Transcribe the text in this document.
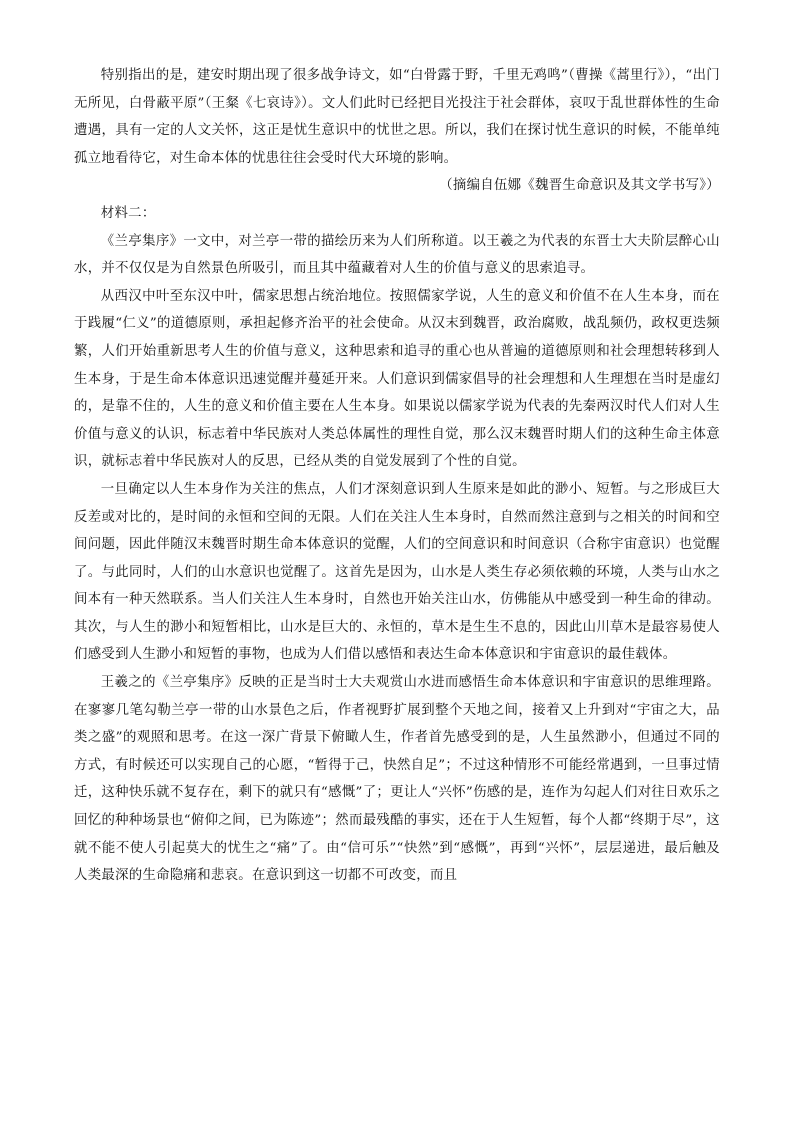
特别指出的是，建安时期出现了很多战争诗文，如“白骨露于野，千里无鸡鸣”（曹操《蒿里行》），“出门无所见，白骨蔽平原”（王粲《七哀诗》）。文人们此时已经把目光投注于社会群体，哀叹于乱世群体性的生命遭遇，具有一定的人文关怀，这正是忧生意识中的忧世之思。所以，我们在探讨忧生意识的时候，不能单纯孤立地看待它，对生命本体的忧患往往会受时代大环境的影响。

（摘编自伍娜《魏晋生命意识及其文学书写》）

材料二：

《兰亭集序》一文中，对兰亭一带的描绘历来为人们所称道。以王羲之为代表的东晋士大夫阶层醉心山水，并不仅仅是为自然景色所吸引，而且其中蕴藏着对人生的价值与意义的思索追寻。

从西汉中叶至东汉中叶，儒家思想占统治地位。按照儒家学说，人生的意义和价值不在人生本身，而在于践履“仁义”的道德原则，承担起修齐治平的社会使命。从汉末到魏晋，政治腐败，战乱频仍，政权更迭频繁，人们开始重新思考人生的价值与意义，这种思索和追寻的重心也从普遍的道德原则和社会理想转移到人生本身，于是生命本体意识迅速觉醒并蔓延开来。人们意识到儒家倡导的社会理想和人生理想在当时是虚幻的，是靠不住的，人生的意义和价值主要在人生本身。如果说以儒家学说为代表的先秦两汉时代人们对人生价值与意义的认识，标志着中华民族对人类总体属性的理性自觉，那么汉末魏晋时期人们的这种生命主体意识，就标志着中华民族对人的反思，已经从类的自觉发展到了个性的自觉。

一旦确定以人生本身作为关注的焦点，人们才深刻意识到人生原来是如此的渺小、短暂。与之形成巨大反差或对比的，是时间的永恒和空间的无限。人们在关注人生本身时，自然而然注意到与之相关的时间和空间问题，因此伴随汉末魏晋时期生命本体意识的觉醒，人们的空间意识和时间意识（合称宇宙意识）也觉醒了。与此同时，人们的山水意识也觉醒了。这首先是因为，山水是人类生存必须依赖的环境，人类与山水之间本有一种天然联系。当人们关注人生本身时，自然也开始关注山水，仿佛能从中感受到一种生命的律动。其次，与人生的渺小和短暂相比，山水是巨大的、永恒的，草木是生生不息的，因此山川草木是最容易使人们感受到人生渺小和短暂的事物，也成为人们借以感悟和表达生命本体意识和宇宙意识的最佳载体。

王羲之的《兰亭集序》反映的正是当时士大夫观赏山水进而感悟生命本体意识和宇宙意识的思维理路。在寥寥几笔勾勒兰亭一带的山水景色之后，作者视野扩展到整个天地之间，接着又上升到对“宇宙之大，品类之盛”的观照和思考。在这一深广背景下俯瞰人生，作者首先感受到的是，人生虽然渺小，但通过不同的方式，有时候还可以实现自己的心愿，“暂得于己，快然自足”；不过这种情形不可能经常遇到，一旦事过情迁，这种快乐就不复存在，剩下的就只有“感慨”了；更让人“兴怀”伤感的是，连作为勾起人们对往日欢乐之回忆的种种场景也“俯仰之间，已为陈迹”；然而最残酷的事实，还在于人生短暂，每个人都“终期于尽”，这就不能不使人引起莫大的忧生之“痛”了。由“信可乐”“快然”到“感慨”，再到“兴怀”，层层递进，最后触及人类最深的生命隐痛和悲哀。在意识到这一切都不可改变，而且
